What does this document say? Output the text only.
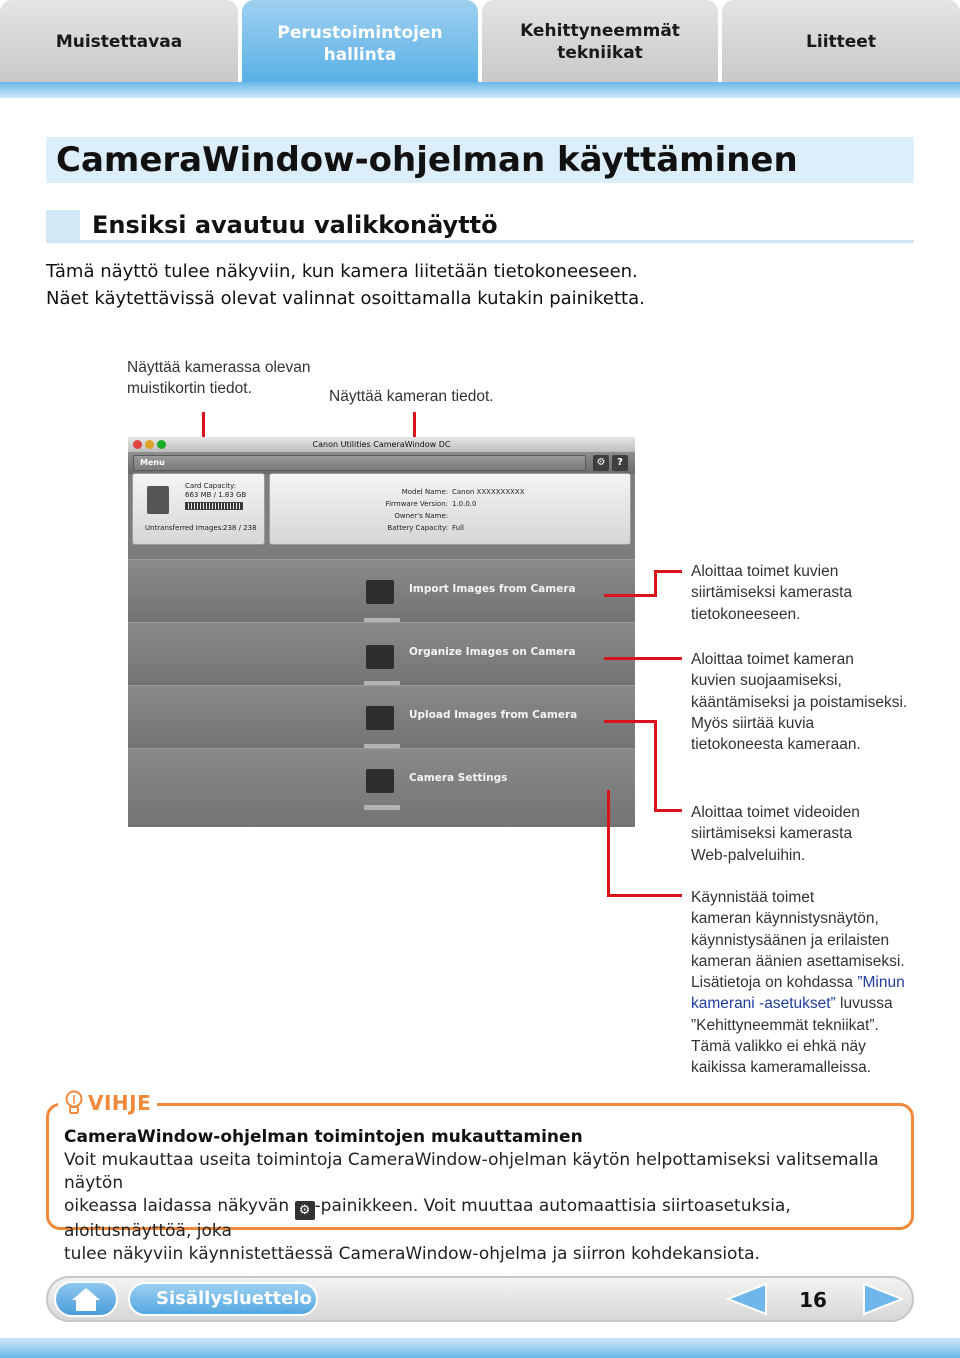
Muistettavaa	Perustoimintojen hallinta
Kehittyneemmät tekniikat
Liitteet
CameraWindow-ohjelman käyttäminen
Ensiksi avautuu valikkonäyttö
Tämä näyttö tulee näkyviin, kun kamera liitetään tietokoneeseen.
Näet käytettävissä olevat valinnat osoittamalla kutakin painiketta.
Näyttää kamerassa olevan
muistikortin tiedot.	Näyttää kameran tiedot.
Canon Utilities CameraWindow DC
Menu	⚙	?
Card Capacity:
663 MB / 1.83 GB
Untransferred Images: 238 / 238
Model Name: Canon XXXXXXXXXX
Firmware Version: 1.0.0.0
Owner's Name:
Battery Capacity: Full
Import Images from Camera
Organize Images on Camera
Upload Images from Camera
Camera Settings
Aloittaa toimet kuvien
siirtämiseksi kamerasta
tietokoneeseen.
Aloittaa toimet kameran
kuvien suojaamiseksi,
kääntämiseksi ja poistamiseksi.
Myös siirtää kuvia
tietokoneesta kameraan.
Aloittaa toimet videoiden
siirtämiseksi kamerasta
Web-palveluihin.
Käynnistää toimet
kameran käynnistysnäytön,
käynnistysäänen ja erilaisten
kameran äänien asettamiseksi.
Lisätietoja on kohdassa ”Minun
kamerani -asetukset” luvussa
”Kehittyneemmät tekniikat”.
Tämä valikko ei ehkä näy
kaikissa kameramalleissa.
VIHJE
CameraWindow-ohjelman toimintojen mukauttaminen
Voit mukauttaa useita toimintoja CameraWindow-ohjelman käytön helpottamiseksi valitsemalla näytön
oikeassa laidassa näkyvän ⚙ -painikkeen. Voit muuttaa automaattisia siirtoasetuksia, aloitusnäyttöä, joka
tulee näkyviin käynnistettäessä CameraWindow-ohjelma ja siirron kohdekansiota.
Sisällysluettelo	16
